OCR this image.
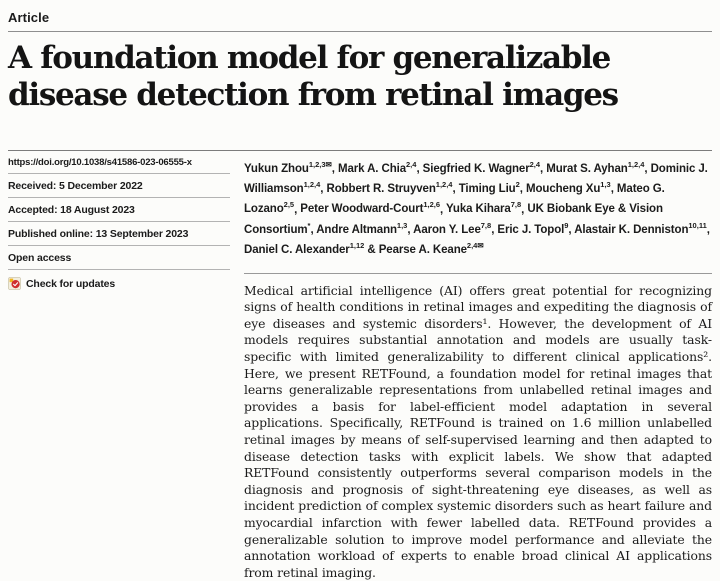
Article
A foundation model for generalizable
disease detection from retinal images
https://doi.org/10.1038/s41586-023-06555-x
Received: 5 December 2022
Accepted: 18 August 2023
Published online: 13 September 2023
Open access
Check for updates
Yukun Zhou$^{1,2,3✉}$, Mark A. Chia$^{2,4}$, Siegfried K. Wagner$^{2,4}$, Murat S. Ayhan$^{1,2,4}$, Dominic J. Williamson$^{1,2,4}$, Robbert R. Struyven$^{1,2,4}$, Timing Liu$^2$, Moucheng Xu$^{1,3}$, Mateo G. Lozano$^{2,5}$, Peter Woodward-Court$^{1,2,6}$, Yuka Kihara$^{7,8}$, UK Biobank Eye & Vision Consortium*, Andre Altmann$^{1,3}$, Aaron Y. Lee$^{7,8}$, Eric J. Topol$^9$, Alastair K. Denniston$^{10,11}$, Daniel C. Alexander$^{1,12}$ & Pearse A. Keane$^{2,4✉}$

Medical artificial intelligence (AI) offers great potential for recognizing signs of health conditions in retinal images and expediting the diagnosis of eye diseases and systemic disorders¹. However, the development of AI models requires substantial annotation and models are usually task-specific with limited generalizability to different clinical applications². Here, we present RETFound, a foundation model for retinal images that learns generalizable representations from unlabelled retinal images and provides a basis for label-efficient model adaptation in several applications. Specifically, RETFound is trained on 1.6 million unlabelled retinal images by means of self-supervised learning and then adapted to disease detection tasks with explicit labels. We show that adapted RETFound consistently outperforms several comparison models in the diagnosis and prognosis of sight-threatening eye diseases, as well as incident prediction of complex systemic disorders such as heart failure and myocardial infarction with fewer labelled data. RETFound provides a generalizable solution to improve model performance and alleviate the annotation workload of experts to enable broad clinical AI applications from retinal imaging.
